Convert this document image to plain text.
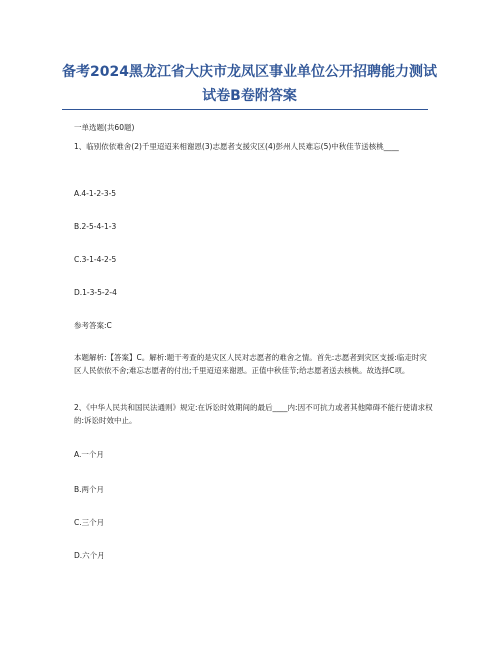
备考2024黑龙江省大庆市龙凤区事业单位公开招聘能力测试试卷B卷附答案

一单选题(共60题)

1、临别依依难舍(2)千里迢迢来相谢恩(3)志愿者支援灾区(4)彭州人民难忘(5)中秋佳节送核桃____

A.4-1-2-3-5

B.2-5-4-1-3

C.3-1-4-2-5

D.1-3-5-2-4

参考答案:C

本题解析:【答案】C。解析:题干考查的是灾区人民对志愿者的难舍之情。首先:志愿者到灾区支援:临走时灾区人民依依不舍;难忘志愿者的付出;千里迢迢来谢恩。正值中秋佳节;给志愿者送去核桃。故选择C项。

2、《中华人民共和国民法通则》规定:在诉讼时效期间的最后____内:因不可抗力或者其他障碍不能行使请求权的:诉讼时效中止。

A.一个月

B.两个月

C.三个月

D.六个月
